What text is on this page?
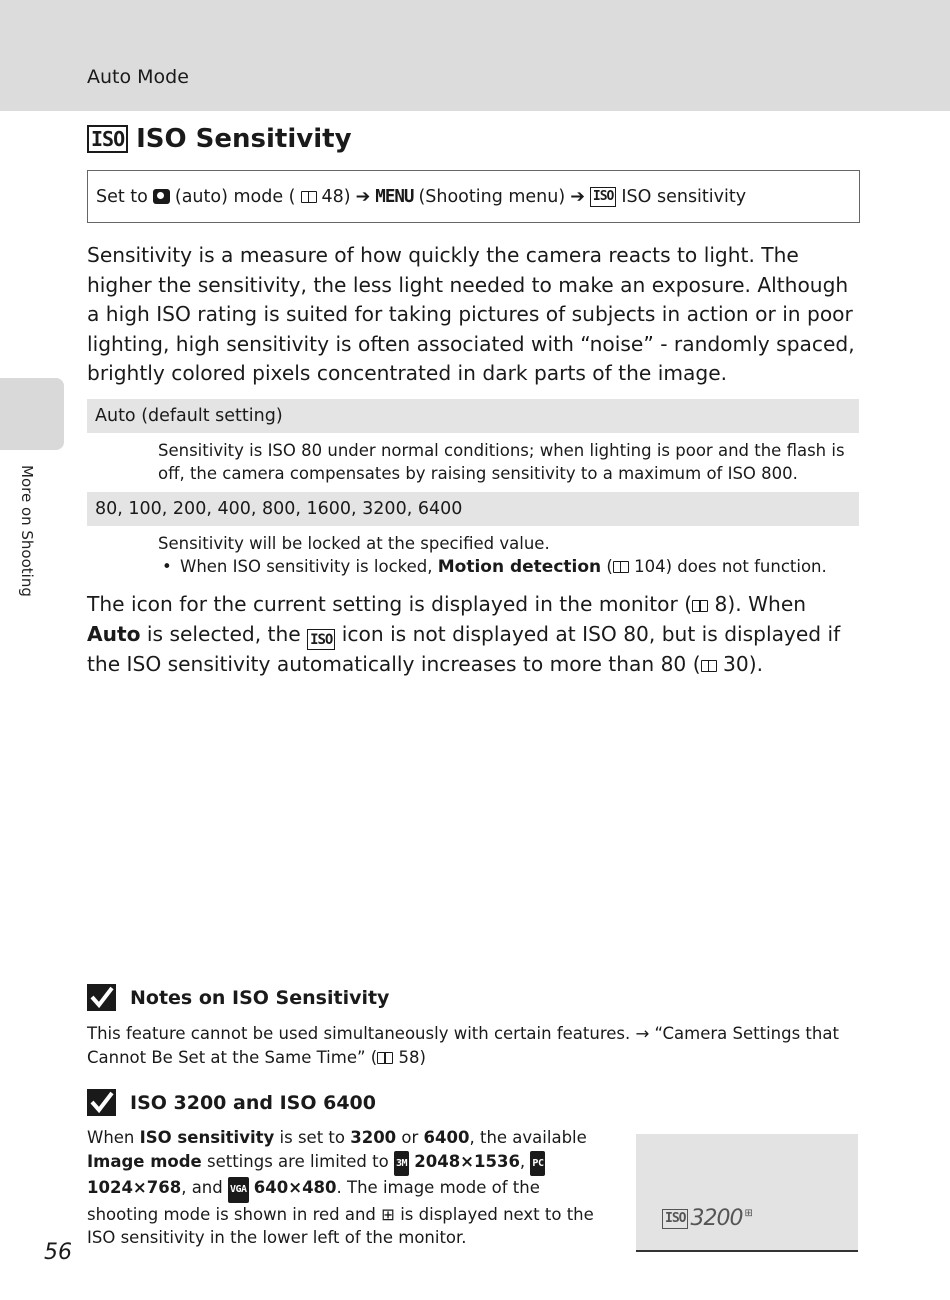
Auto Mode
More on Shooting
ISO ISO Sensitivity
Set to (auto) mode ( 48) ➔ MENU (Shooting menu) ➔ ISO ISO sensitivity
Sensitivity is a measure of how quickly the camera reacts to light. The higher the sensitivity, the less light needed to make an exposure. Although a high ISO rating is suited for taking pictures of subjects in action or in poor lighting, high sensitivity is often associated with “noise” - randomly spaced, brightly colored pixels concentrated in dark parts of the image.
Auto (default setting)
Sensitivity is ISO 80 under normal conditions; when lighting is poor and the flash is off, the camera compensates by raising sensitivity to a maximum of ISO 800.
80, 100, 200, 400, 800, 1600, 3200, 6400
Sensitivity will be locked at the specified value.
• When ISO sensitivity is locked, Motion detection ( 104) does not function.
The icon for the current setting is displayed in the monitor ( 8). When Auto is selected, the ISO icon is not displayed at ISO 80, but is displayed if the ISO sensitivity automatically increases to more than 80 ( 30).
Notes on ISO Sensitivity
This feature cannot be used simultaneously with certain features. → “Camera Settings that Cannot Be Set at the Same Time” ( 58)
ISO 3200 and ISO 6400
When ISO sensitivity is set to 3200 or 6400, the available Image mode settings are limited to 3M 2048×1536, PC 1024×768, and VGA 640×480. The image mode of the shooting mode is shown in red and ⊞ is displayed next to the ISO sensitivity in the lower left of the monitor.
ISO 3200 ⊞
56
